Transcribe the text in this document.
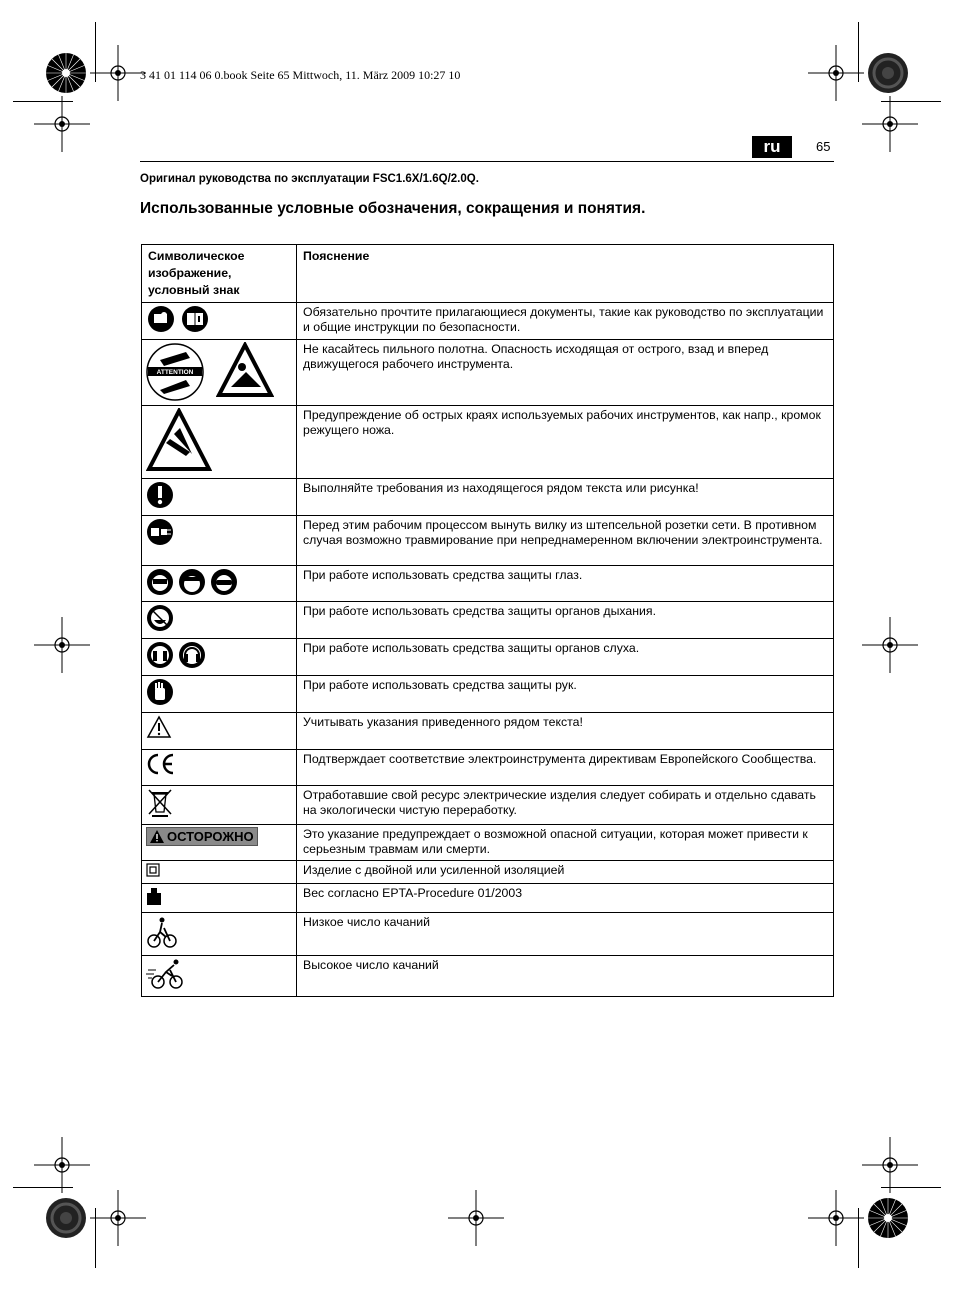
3 41 01 114 06 0.book Seite 65 Mittwoch, 11. März 2009 10:27 10
ru	65
Оригинал руководства по эксплуатации FSC1.6X/1.6Q/2.0Q.
Использованные условные обозначения, сокращения и понятия.
Символическое изображение, условный знак	Пояснение

	Обязательно прочтите прилагающиеся документы, такие как руководство по эксплуатации и общие инструкции по безопасности.

ATTENTION	Не касайтесь пильного полотна. Опасность исходящая от острого, взад и вперед движущегося рабочего инструмента.
	Предупреждение об острых краях используемых рабочих инструментов, как напр., кромок режущего ножа.
	Выполняйте требования из находящегося рядом текста или рисунка!
	Перед этим рабочим процессом вынуть вилку из штепсельной розетки сети. В противном случая возможно травмирование при непреднамеренном включении электроинструмента.

	При работе использовать средства защиты глаз.
	При работе использовать средства защиты органов дыхания.

	При работе использовать средства защиты органов слуха.
	При работе использовать средства защиты рук.
	Учитывать указания приведенного рядом текста!
	Подтверждает соответствие электроинструмента директивам Европейского Сообщества.
	Отработавшие свой ресурс электрические изделия следует собирать и отдельно сдавать на экологически чистую переработку.

ОСТОРОЖНО	Это указание предупреждает о возможной опасной ситуации, которая может привести к серьезным травмам или смерти.
	Изделие с двойной или усиленной изоляцией
	Вес согласно EPTA-Procedure 01/2003
	Низкое число качаний
	Высокое число качаний
